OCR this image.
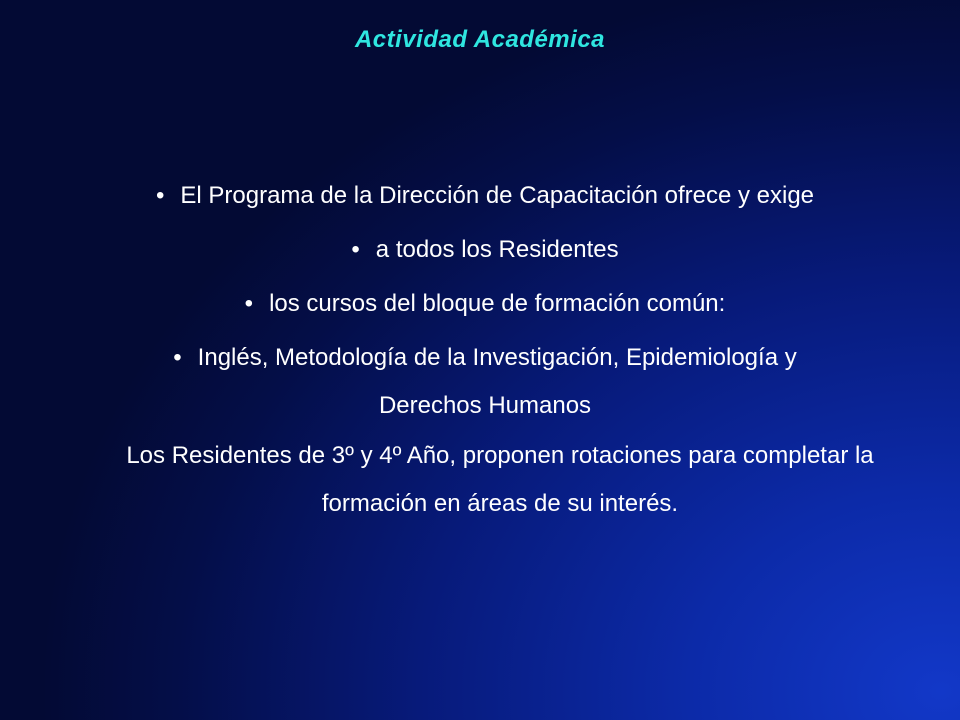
Actividad Académica

• El Programa de la Dirección de Capacitación ofrece y exige

• a todos los Residentes

• los cursos del bloque de formación común:

• Inglés, Metodología de la Investigación, Epidemiología y Derechos Humanos

Los Residentes de 3º y 4º Año, proponen rotaciones para completar la formación en áreas de su interés.
